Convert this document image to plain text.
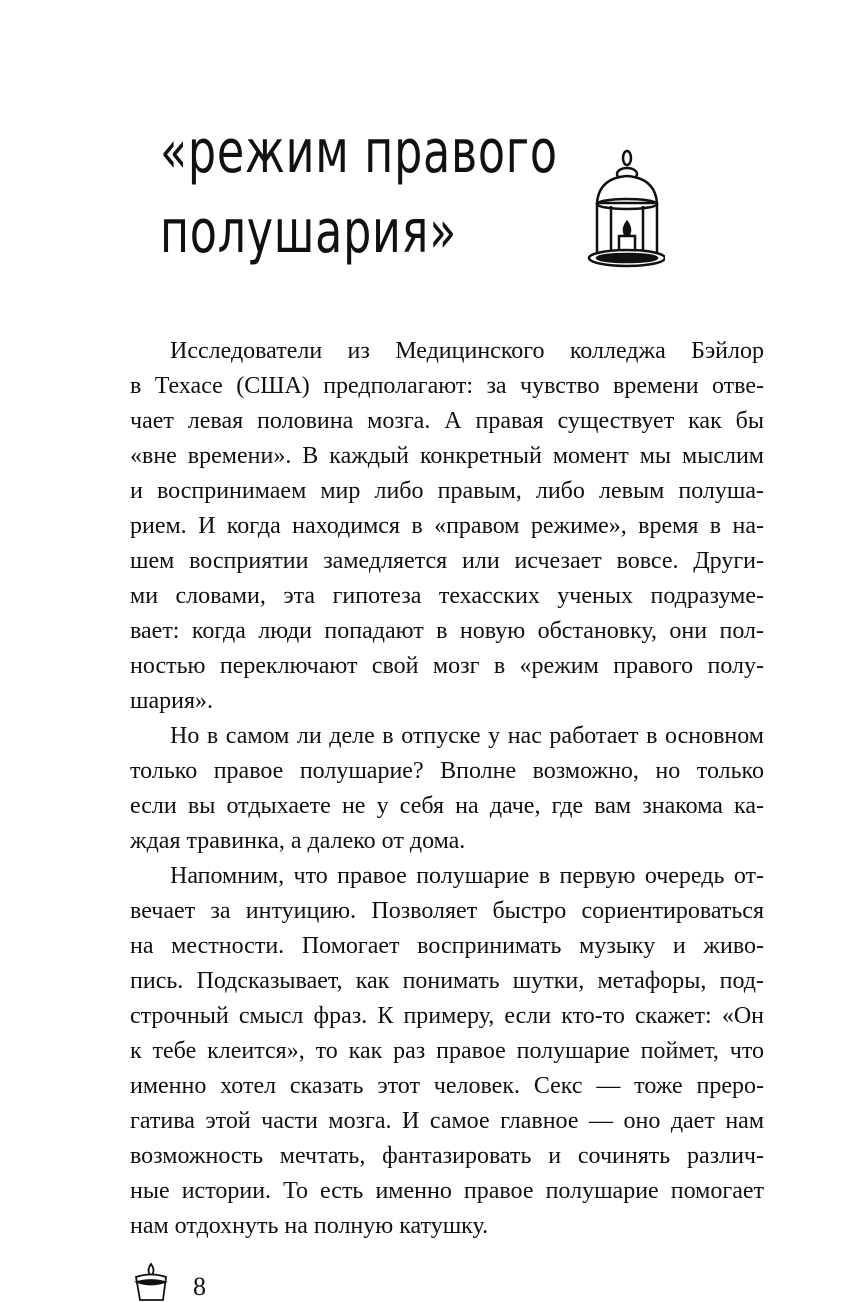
«режим правого
полушария»
Исследователи из Медицинского колледжа Бэйлор
в Техасе (США) предполагают: за чувство времени отве-
чает левая половина мозга. А правая существует как бы
«вне времени». В каждый конкретный момент мы мыслим
и воспринимаем мир либо правым, либо левым полуша-
рием. И когда находимся в «правом режиме», время в на-
шем восприятии замедляется или исчезает вовсе. Други-
ми словами, эта гипотеза техасских ученых подразуме-
вает: когда люди попадают в новую обстановку, они пол-
ностью переключают свой мозг в «режим правого полу-
шария».
Но в самом ли деле в отпуске у нас работает в основном
только правое полушарие? Вполне возможно, но только
если вы отдыхаете не у себя на даче, где вам знакома ка-
ждая травинка, а далеко от дома.
Напомним, что правое полушарие в первую очередь от-
вечает за интуицию. Позволяет быстро сориентироваться
на местности. Помогает воспринимать музыку и живо-
пись. Подсказывает, как понимать шутки, метафоры, под-
строчный смысл фраз. К примеру, если кто-то скажет: «Он
к тебе клеится», то как раз правое полушарие поймет, что
именно хотел сказать этот человек. Секс — тоже прерo-
гатива этой части мозга. И самое главное — оно дает нам
возможность мечтать, фантазировать и сочинять различ-
ные истории. То есть именно правое полушарие помогает
нам отдохнуть на полную катушку.
8
